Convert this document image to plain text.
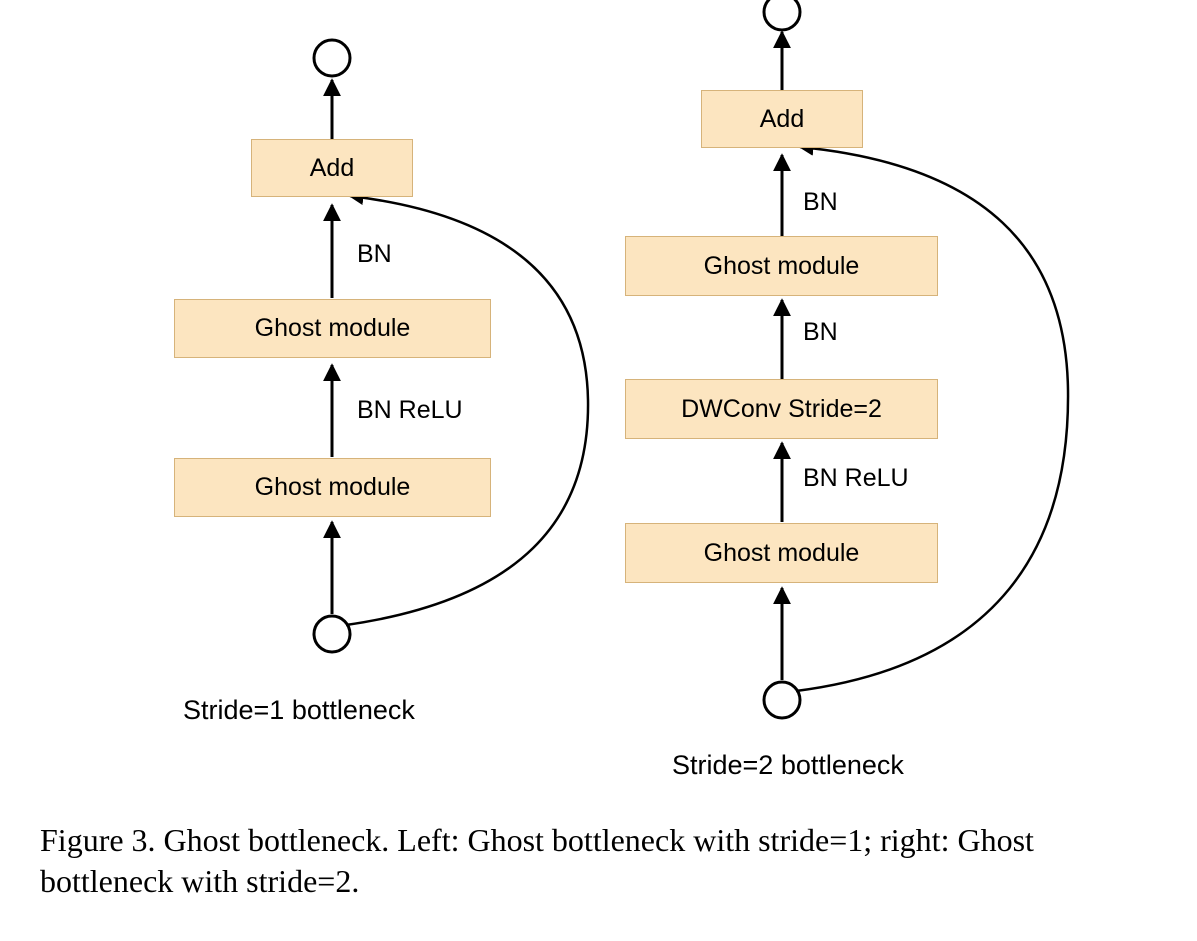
Add
Ghost module
Ghost module
BN
BN ReLU
Stride=1 bottleneck
Add
Ghost module
DWConv Stride=2
Ghost module
BN
BN
BN ReLU
Stride=2 bottleneck
Figure 3. Ghost bottleneck. Left: Ghost bottleneck with stride=1; right: Ghost bottleneck with stride=2.
